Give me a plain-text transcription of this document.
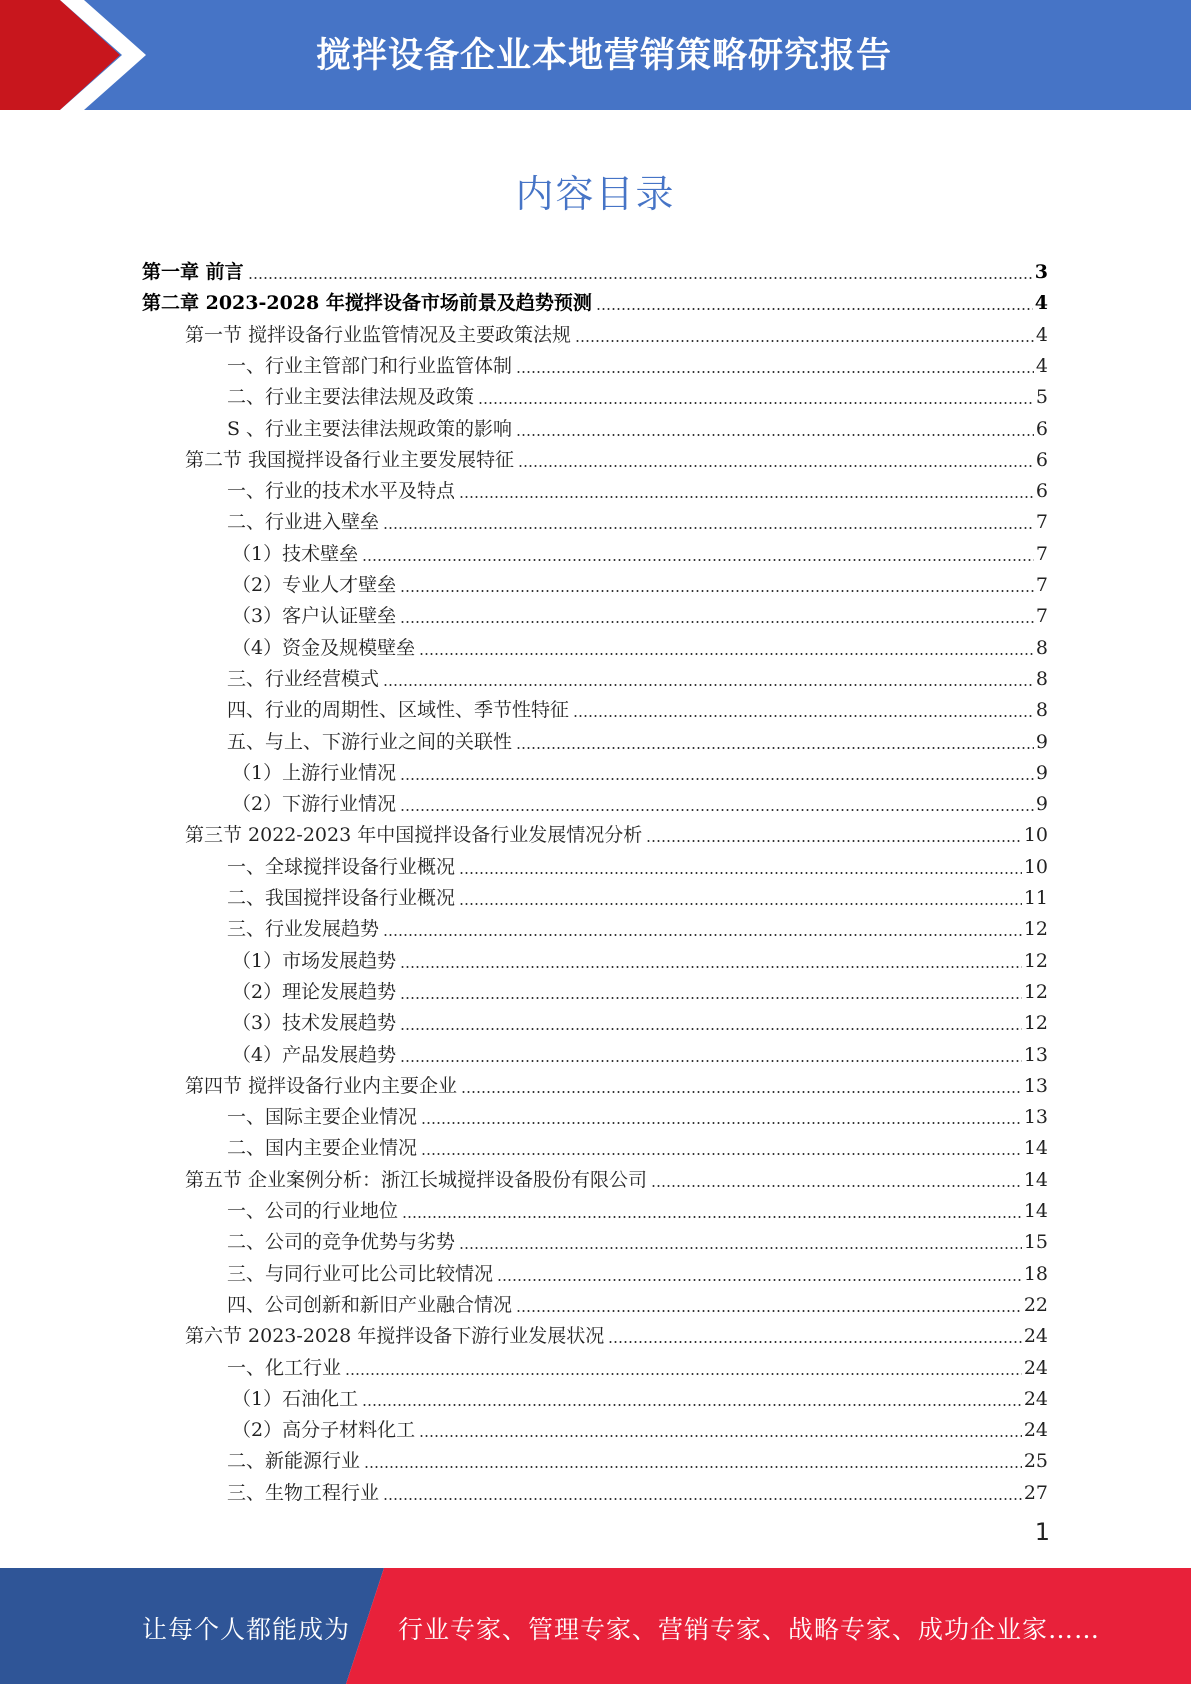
搅拌设备企业本地营销策略研究报告
内容目录
第一章 前言	3
第二章 2023-2028 年搅拌设备市场前景及趋势预测	4
第一节 搅拌设备行业监管情况及主要政策法规	4
一、行业主管部门和行业监管体制	4
二、行业主要法律法规及政策	5
S 、行业主要法律法规政策的影响	6
第二节 我国搅拌设备行业主要发展特征	6
一、行业的技术水平及特点	6
二、行业进入壁垒	7
（1）技术壁垒	7
（2）专业人才壁垒	7
（3）客户认证壁垒	7
（4）资金及规模壁垒	8
三、行业经营模式	8
四、行业的周期性、区域性、季节性特征	8
五、与上、下游行业之间的关联性	9
（1）上游行业情况	9
（2）下游行业情况	9
第三节 2022-2023 年中国搅拌设备行业发展情况分析	10
一、全球搅拌设备行业概况	10
二、我国搅拌设备行业概况	11
三、行业发展趋势	12
（1）市场发展趋势	12
（2）理论发展趋势	12
（3）技术发展趋势	12
（4）产品发展趋势	13
第四节 搅拌设备行业内主要企业	13
一、国际主要企业情况	13
二、国内主要企业情况	14
第五节 企业案例分析：浙江长城搅拌设备股份有限公司	14
一、公司的行业地位	14
二、公司的竞争优势与劣势	15
三、与同行业可比公司比较情况	18
四、公司创新和新旧产业融合情况	22
第六节 2023-2028 年搅拌设备下游行业发展状况	24
一、化工行业	24
（1）石油化工	24
（2）高分子材料化工	24
二、新能源行业	25
三、生物工程行业	27
1
让每个人都能成为 行业专家、管理专家、营销专家、战略专家、成功企业家……
